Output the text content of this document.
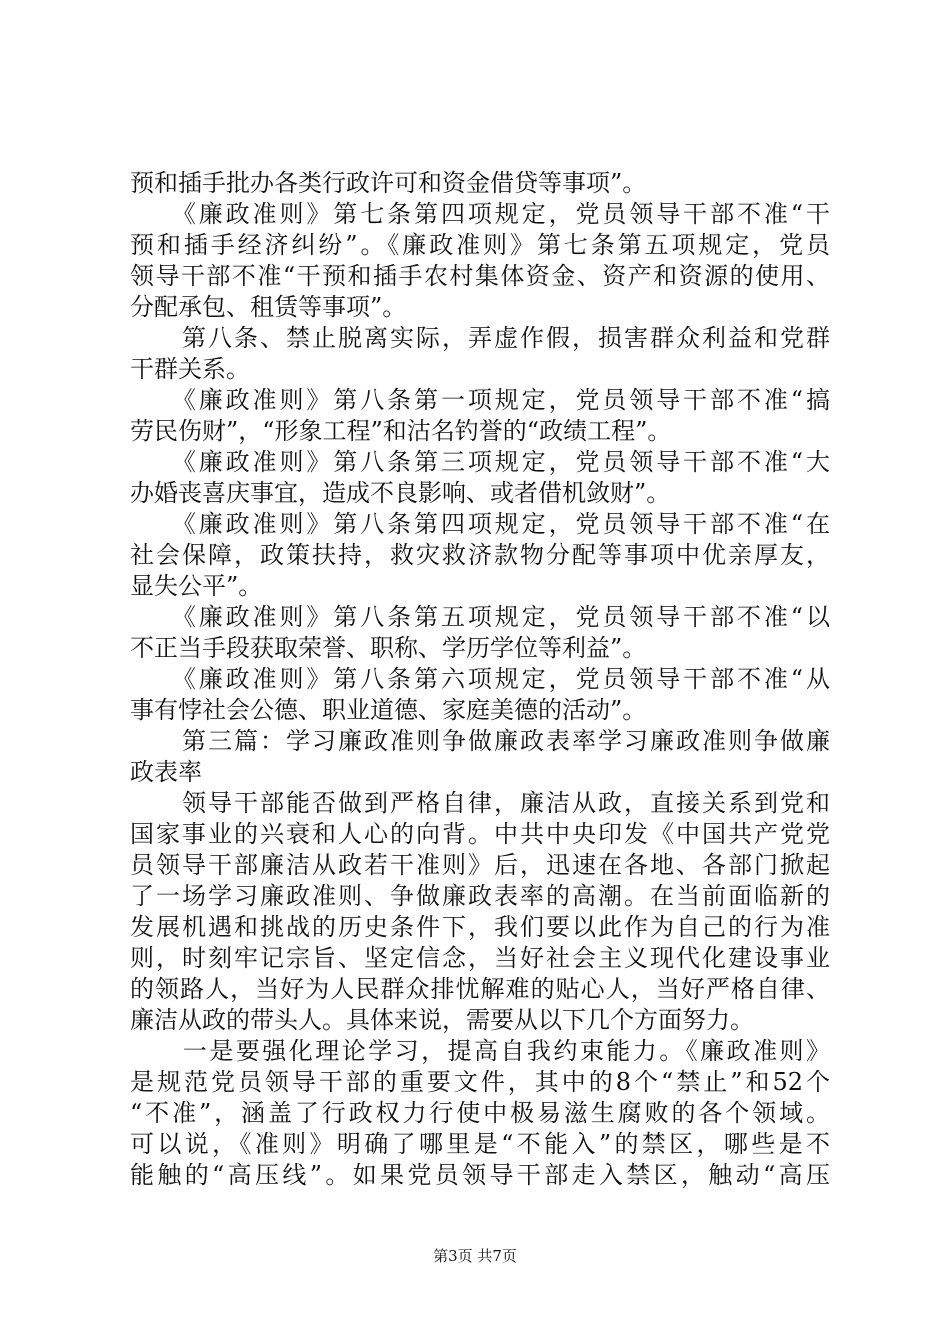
预和插手批办各类行政许可和资金借贷等事项”。
　　《廉政准则》第七条第四项规定，党员领导干部不准“干
预和插手经济纠纷”。《廉政准则》第七条第五项规定，党员
领导干部不准“干预和插手农村集体资金、资产和资源的使用、
分配承包、租赁等事项”。
　　第八条、禁止脱离实际，弄虚作假，损害群众利益和党群
干群关系。
　　《廉政准则》第八条第一项规定，党员领导干部不准“搞
劳民伤财”，“形象工程”和沽名钓誉的“政绩工程”。
　　《廉政准则》第八条第三项规定，党员领导干部不准“大
办婚丧喜庆事宜，造成不良影响、或者借机敛财”。
　　《廉政准则》第八条第四项规定，党员领导干部不准“在
社会保障，政策扶持，救灾救济款物分配等事项中优亲厚友，
显失公平”。
　　《廉政准则》第八条第五项规定，党员领导干部不准“以
不正当手段获取荣誉、职称、学历学位等利益”。
　　《廉政准则》第八条第六项规定，党员领导干部不准“从
事有悖社会公德、职业道德、家庭美德的活动”。
　　第三篇：学习廉政准则争做廉政表率学习廉政准则争做廉
政表率
　　领导干部能否做到严格自律，廉洁从政，直接关系到党和
国家事业的兴衰和人心的向背。中共中央印发《中国共产党党
员领导干部廉洁从政若干准则》后，迅速在各地、各部门掀起
了一场学习廉政准则、争做廉政表率的高潮。在当前面临新的
发展机遇和挑战的历史条件下，我们要以此作为自己的行为准
则，时刻牢记宗旨、坚定信念，当好社会主义现代化建设事业
的领路人，当好为人民群众排忧解难的贴心人，当好严格自律、
廉洁从政的带头人。具体来说，需要从以下几个方面努力。
　　一是要强化理论学习，提高自我约束能力。《廉政准则》
是规范党员领导干部的重要文件，其中的8个“禁止”和52个
“不准”，涵盖了行政权力行使中极易滋生腐败的各个领域。
可以说，《准则》明确了哪里是“不能入”的禁区，哪些是不
能触的“高压线”。如果党员领导干部走入禁区，触动“高压
第3页 共7页
